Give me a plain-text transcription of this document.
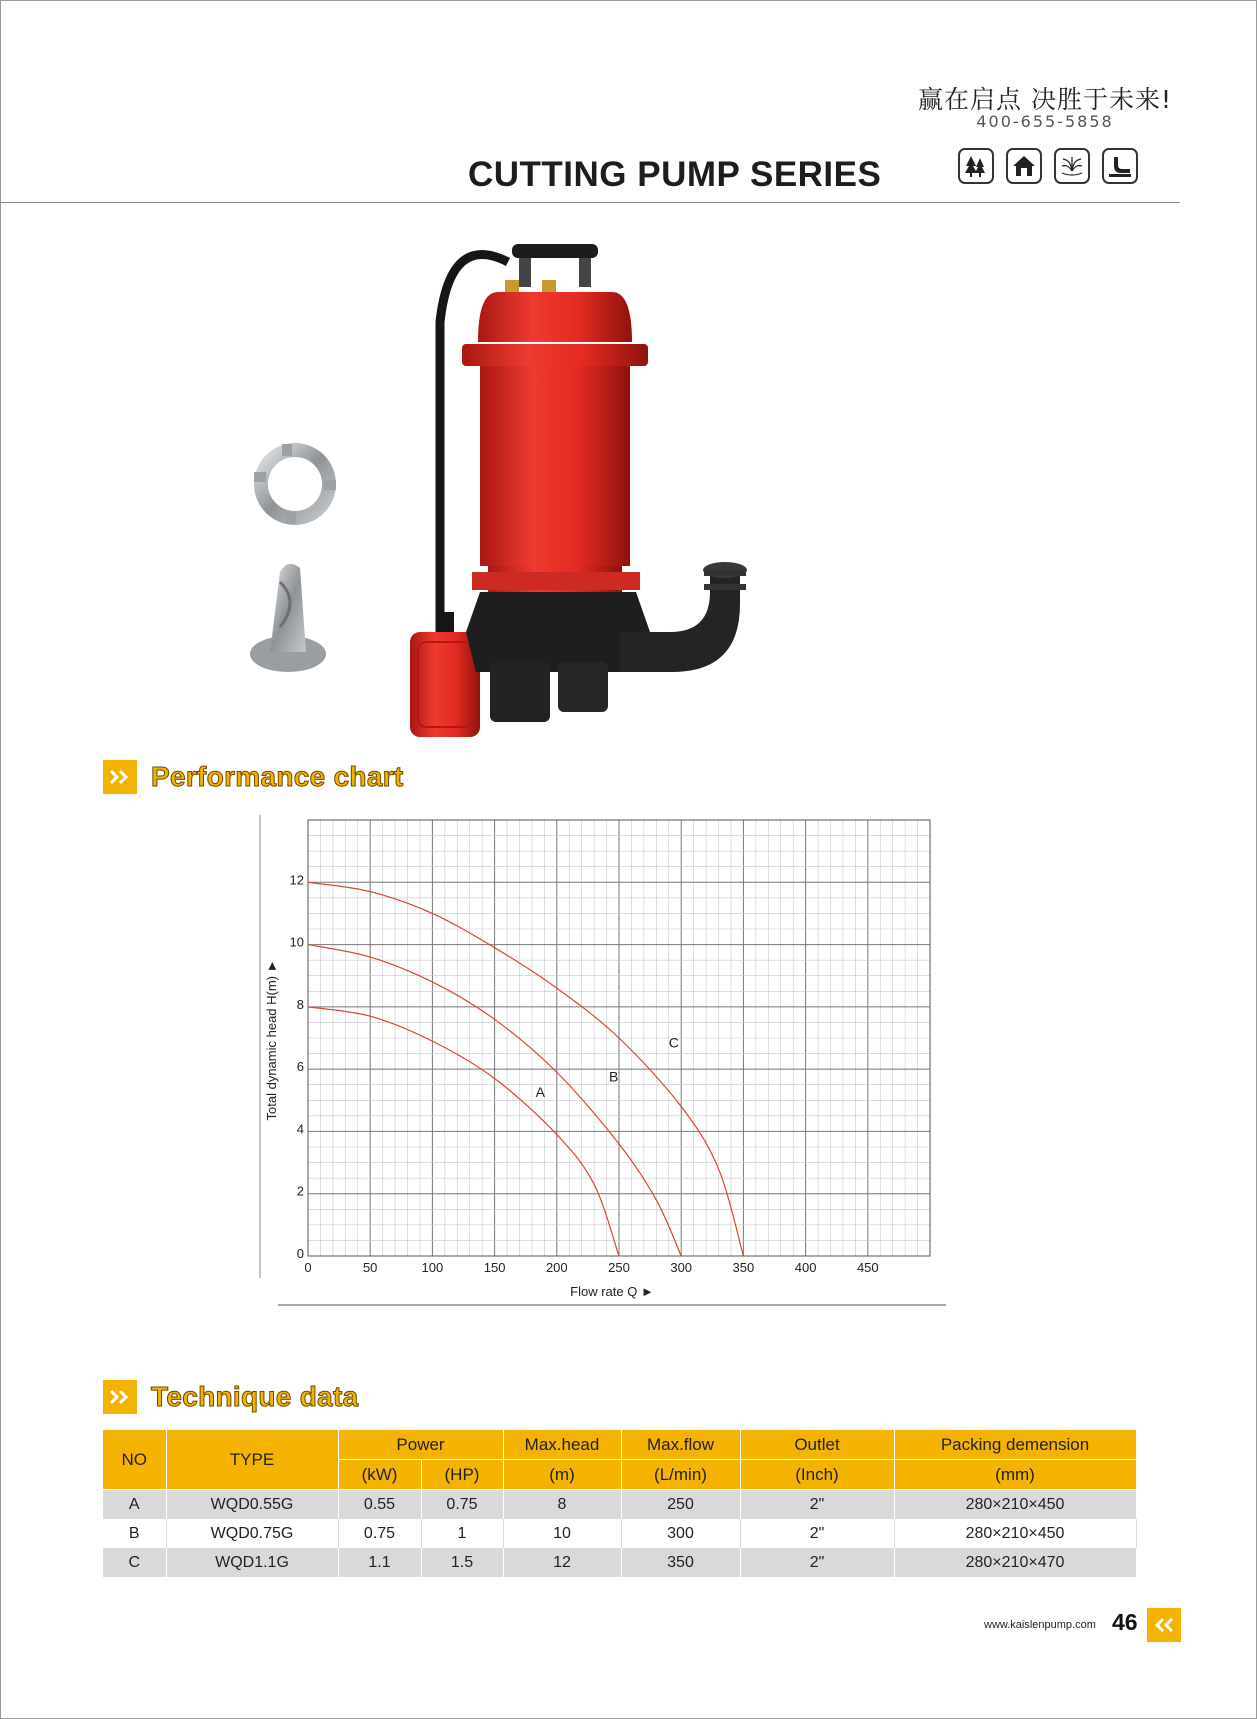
赢在启点 决胜于未来!
400-655-5858
CUTTING PUMP SERIES
Performance chart
0	50	100	150	200	250	300	350	400	450
0
2
4
6
8
10
12
Flow rate Q ►
Total dynamic head H(m) ►	A
B
C
Technique data
NO	TYPE	Power		Max.head	Max.flow	Outlet	Packing demension
		(kW)	(HP)	(m)	(L/min)	(Inch)	(mm)
A	WQD0.55G	0.55	0.75	8	250	2"	280×210×450
B	WQD0.75G	0.75	1	10	300	2"	280×210×450
C	WQD1.1G	1.1	1.5	12	350	2"	280×210×470
www.kaislenpump.com 46
